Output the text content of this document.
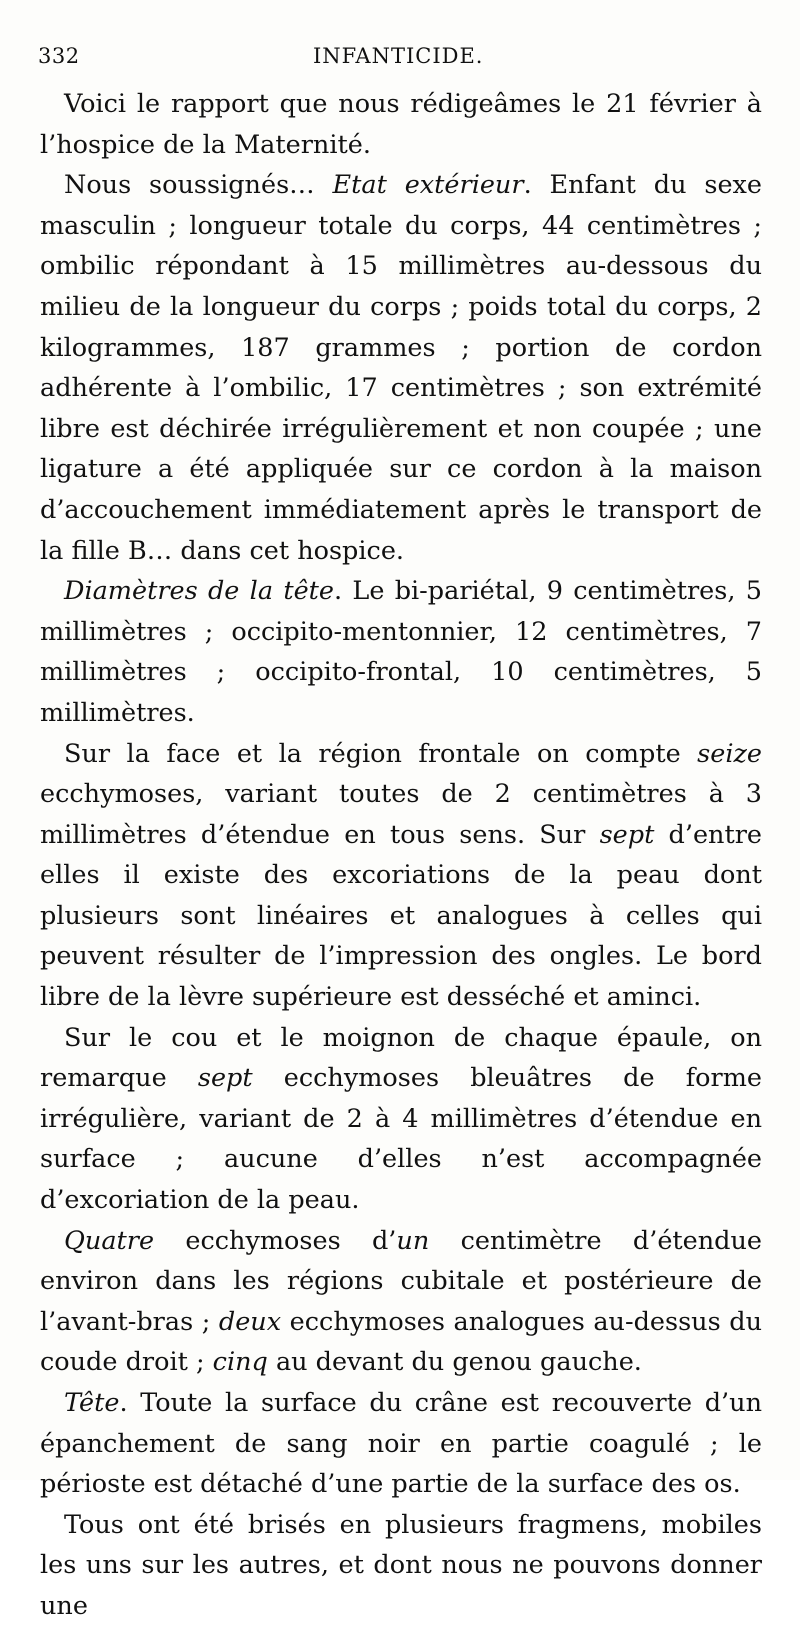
332	INFANTICIDE.

Voici le rapport que nous rédigeâmes le 21 février à l’hospice de la Maternité.

Nous soussignés… Etat extérieur. Enfant du sexe masculin ; longueur totale du corps, 44 centimètres ; ombilic répondant à 15 millimètres au-dessous du milieu de la longueur du corps ; poids total du corps, 2 kilogrammes, 187 grammes ; portion de cordon adhérente à l’ombilic, 17 centimètres ; son extrémité libre est déchirée irrégulièrement et non coupée ; une ligature a été appliquée sur ce cordon à la maison d’accouchement immédiatement après le transport de la fille B… dans cet hospice.

Diamètres de la tête. Le bi-pariétal, 9 centimètres, 5 millimètres ; occipito-mentonnier, 12 centimètres, 7 millimètres ; occipito-frontal, 10 centimètres, 5 millimètres.

Sur la face et la région frontale on compte seize ecchymoses, variant toutes de 2 centimètres à 3 millimètres d’étendue en tous sens. Sur sept d’entre elles il existe des excoriations de la peau dont plusieurs sont linéaires et analogues à celles qui peuvent résulter de l’impression des ongles. Le bord libre de la lèvre supérieure est desséché et aminci.

Sur le cou et le moignon de chaque épaule, on remarque sept ecchymoses bleuâtres de forme irrégulière, variant de 2 à 4 millimètres d’étendue en surface ; aucune d’elles n’est accompagnée d’excoriation de la peau.

Quatre ecchymoses d’un centimètre d’étendue environ dans les régions cubitale et postérieure de l’avant-bras ; deux ecchymoses analogues au-dessus du coude droit ; cinq au devant du genou gauche.

Tête. Toute la surface du crâne est recouverte d’un épanchement de sang noir en partie coagulé ; le périoste est détaché d’une partie de la surface des os.

Tous ont été brisés en plusieurs fragmens, mobiles les uns sur les autres, et dont nous ne pouvons donner une
